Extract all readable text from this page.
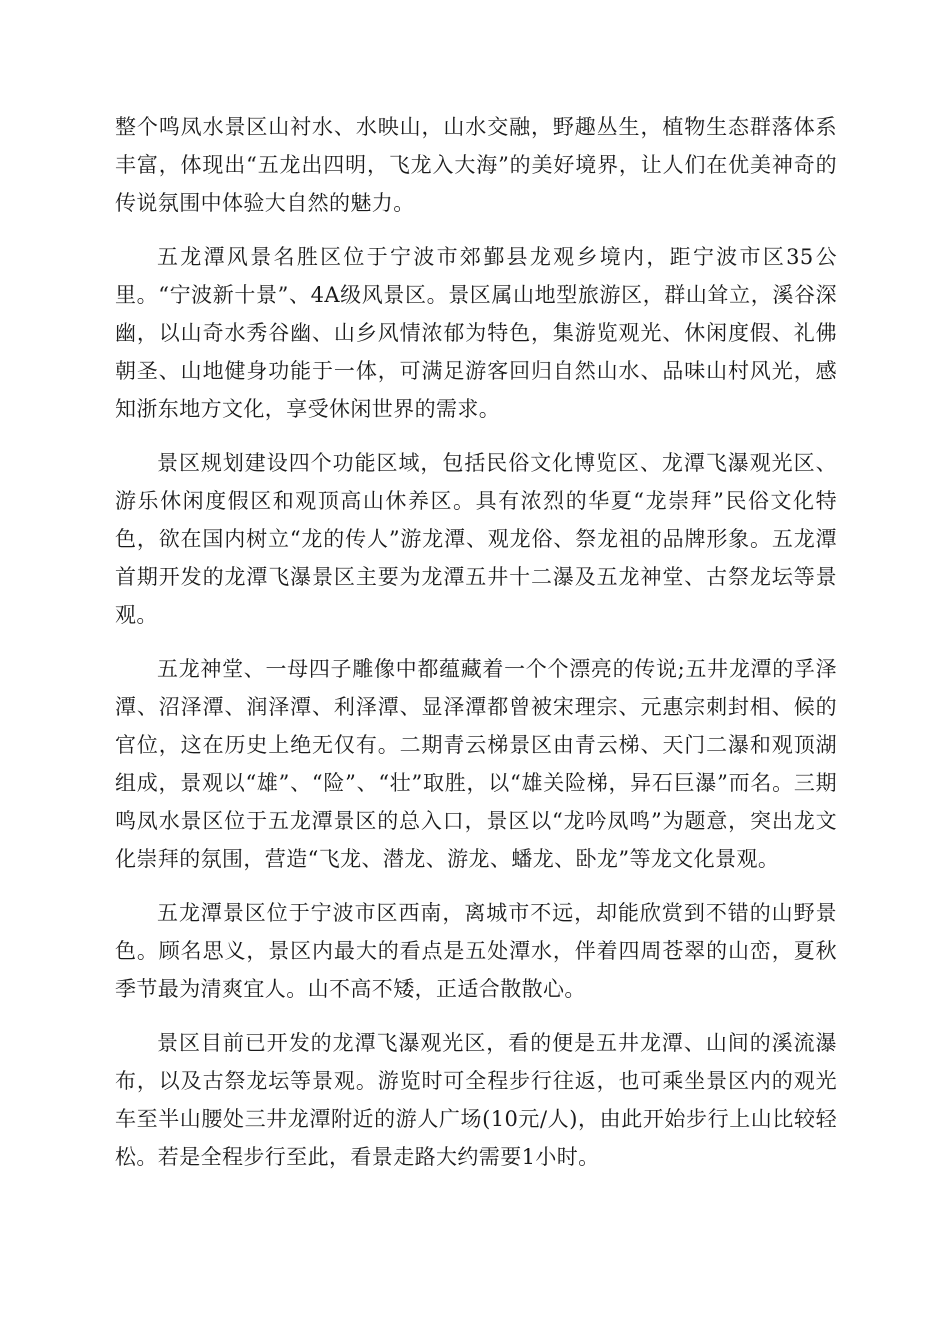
整个鸣凤水景区山衬水、水映山，山水交融，野趣丛生，植物生态群落体系丰富，体现出“五龙出四明，飞龙入大海”的美好境界，让人们在优美神奇的传说氛围中体验大自然的魅力。

五龙潭风景名胜区位于宁波市郊鄞县龙观乡境内，距宁波市区35公里。“宁波新十景”、4A级风景区。景区属山地型旅游区，群山耸立，溪谷深幽，以山奇水秀谷幽、山乡风情浓郁为特色，集游览观光、休闲度假、礼佛朝圣、山地健身功能于一体，可满足游客回归自然山水、品味山村风光，感知浙东地方文化，享受休闲世界的需求。

景区规划建设四个功能区域，包括民俗文化博览区、龙潭飞瀑观光区、游乐休闲度假区和观顶高山休养区。具有浓烈的华夏“龙崇拜”民俗文化特色，欲在国内树立“龙的传人”游龙潭、观龙俗、祭龙祖的品牌形象。五龙潭首期开发的龙潭飞瀑景区主要为龙潭五井十二瀑及五龙神堂、古祭龙坛等景观。

五龙神堂、一母四子雕像中都蕴藏着一个个漂亮的传说;五井龙潭的孚泽潭、沼泽潭、润泽潭、利泽潭、显泽潭都曾被宋理宗、元惠宗刺封相、候的官位，这在历史上绝无仅有。二期青云梯景区由青云梯、天门二瀑和观顶湖组成，景观以“雄”、“险”、“壮”取胜，以“雄关险梯，异石巨瀑”而名。三期鸣凤水景区位于五龙潭景区的总入口，景区以“龙吟凤鸣”为题意，突出龙文化崇拜的氛围，营造“飞龙、潜龙、游龙、蟠龙、卧龙”等龙文化景观。

五龙潭景区位于宁波市区西南，离城市不远，却能欣赏到不错的山野景色。顾名思义，景区内最大的看点是五处潭水，伴着四周苍翠的山峦，夏秋季节最为清爽宜人。山不高不矮，正适合散散心。

景区目前已开发的龙潭飞瀑观光区，看的便是五井龙潭、山间的溪流瀑布，以及古祭龙坛等景观。游览时可全程步行往返，也可乘坐景区内的观光车至半山腰处三井龙潭附近的游人广场(10元/人)，由此开始步行上山比较轻松。若是全程步行至此，看景走路大约需要1小时。
